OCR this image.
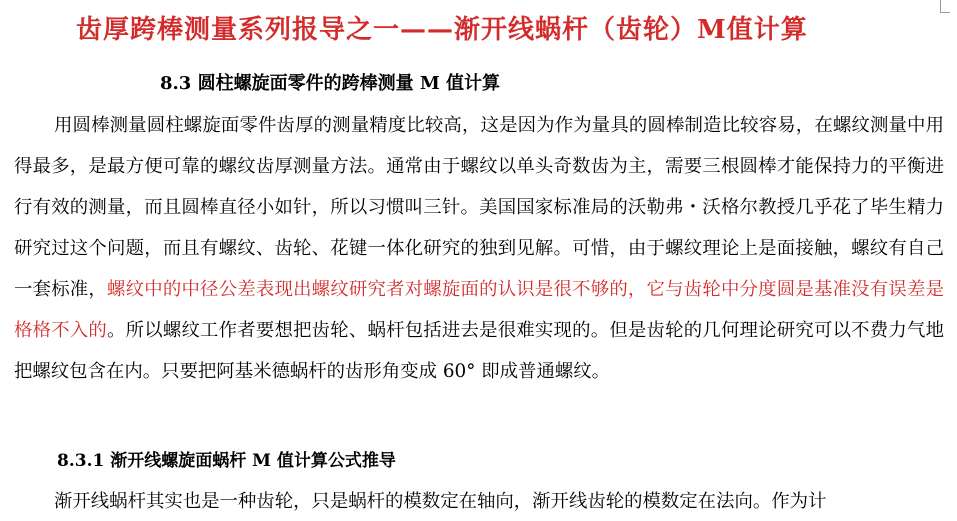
齿厚跨棒测量系列报导之一——渐开线蜗杆（齿轮）M值计算
8.3 圆柱螺旋面零件的跨棒测量 M 值计算

用圆棒测量圆柱螺旋面零件齿厚的测量精度比较高，这是因为作为量具的圆棒制造比较容易，在螺纹测量中用得最多，是最方便可靠的螺纹齿厚测量方法。通常由于螺纹以单头奇数齿为主，需要三根圆棒才能保持力的平衡进行有效的测量，而且圆棒直径小如针，所以习惯叫三针。美国国家标准局的沃勒弗・沃格尔教授几乎花了毕生精力研究过这个问题，而且有螺纹、齿轮、花键一体化研究的独到见解。可惜，由于螺纹理论上是面接触，螺纹有自己一套标准，螺纹中的中径公差表现出螺纹研究者对螺旋面的认识是很不够的，它与齿轮中分度圆是基准没有误差是格格不入的。所以螺纹工作者要想把齿轮、蜗杆包括进去是很难实现的。但是齿轮的几何理论研究可以不费力气地把螺纹包含在内。只要把阿基米德蜗杆的齿形角变成 60° 即成普通螺纹。

8.3.1 渐开线螺旋面蜗杆 M 值计算公式推导

渐开线蜗杆其实也是一种齿轮，只是蜗杆的模数定在轴向，渐开线齿轮的模数定在法向。作为计
